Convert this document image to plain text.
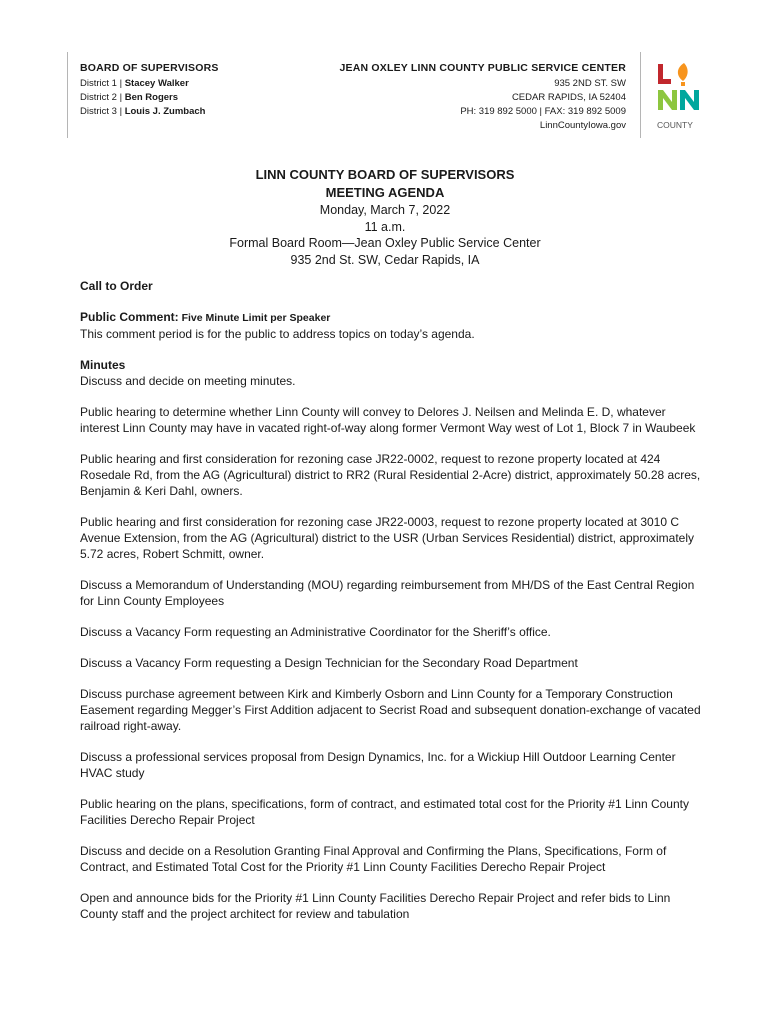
BOARD OF SUPERVISORS
District 1 | Stacey Walker
District 2 | Ben Rogers
District 3 | Louis J. Zumbach
JEAN OXLEY LINN COUNTY PUBLIC SERVICE CENTER
935 2ND ST. SW
CEDAR RAPIDS, IA 52404
PH: 319 892 5000 | FAX: 319 892 5009
LinnCountyIowa.gov	COUNTY
LINN COUNTY BOARD OF SUPERVISORS
MEETING AGENDA
Monday, March 7, 2022
11 a.m.
Formal Board Room—Jean Oxley Public Service Center
935 2nd St. SW, Cedar Rapids, IA

Call to Order

Public Comment: Five Minute Limit per Speaker

This comment period is for the public to address topics on today’s agenda.

Minutes

Discuss and decide on meeting minutes.

Public hearing to determine whether Linn County will convey to Delores J. Neilsen and Melinda E. D, whatever interest Linn County may have in vacated right-of-way along former Vermont Way west of Lot 1, Block 7 in Waubeek

Public hearing and first consideration for rezoning case JR22-0002, request to rezone property located at 424 Rosedale Rd, from the AG (Agricultural) district to RR2 (Rural Residential 2-Acre) district, approximately 50.28 acres, Benjamin & Keri Dahl, owners.

Public hearing and first consideration for rezoning case JR22-0003, request to rezone property located at 3010 C Avenue Extension, from the AG (Agricultural) district to the USR (Urban Services Residential) district, approximately 5.72 acres, Robert Schmitt, owner.

Discuss a Memorandum of Understanding (MOU) regarding reimbursement from MH/DS of the East Central Region for Linn County Employees

Discuss a Vacancy Form requesting an Administrative Coordinator for the Sheriff’s office.

Discuss a Vacancy Form requesting a Design Technician for the Secondary Road Department

Discuss purchase agreement between Kirk and Kimberly Osborn and Linn County for a Temporary Construction Easement regarding Megger’s First Addition adjacent to Secrist Road and subsequent donation-exchange of vacated railroad right-away.

Discuss a professional services proposal from Design Dynamics, Inc. for a Wickiup Hill Outdoor Learning Center HVAC study

Public hearing on the plans, specifications, form of contract, and estimated total cost for the Priority #1 Linn County Facilities Derecho Repair Project

Discuss and decide on a Resolution Granting Final Approval and Confirming the Plans, Specifications, Form of Contract, and Estimated Total Cost for the Priority #1 Linn County Facilities Derecho Repair Project

Open and announce bids for the Priority #1 Linn County Facilities Derecho Repair Project and refer bids to Linn County staff and the project architect for review and tabulation
